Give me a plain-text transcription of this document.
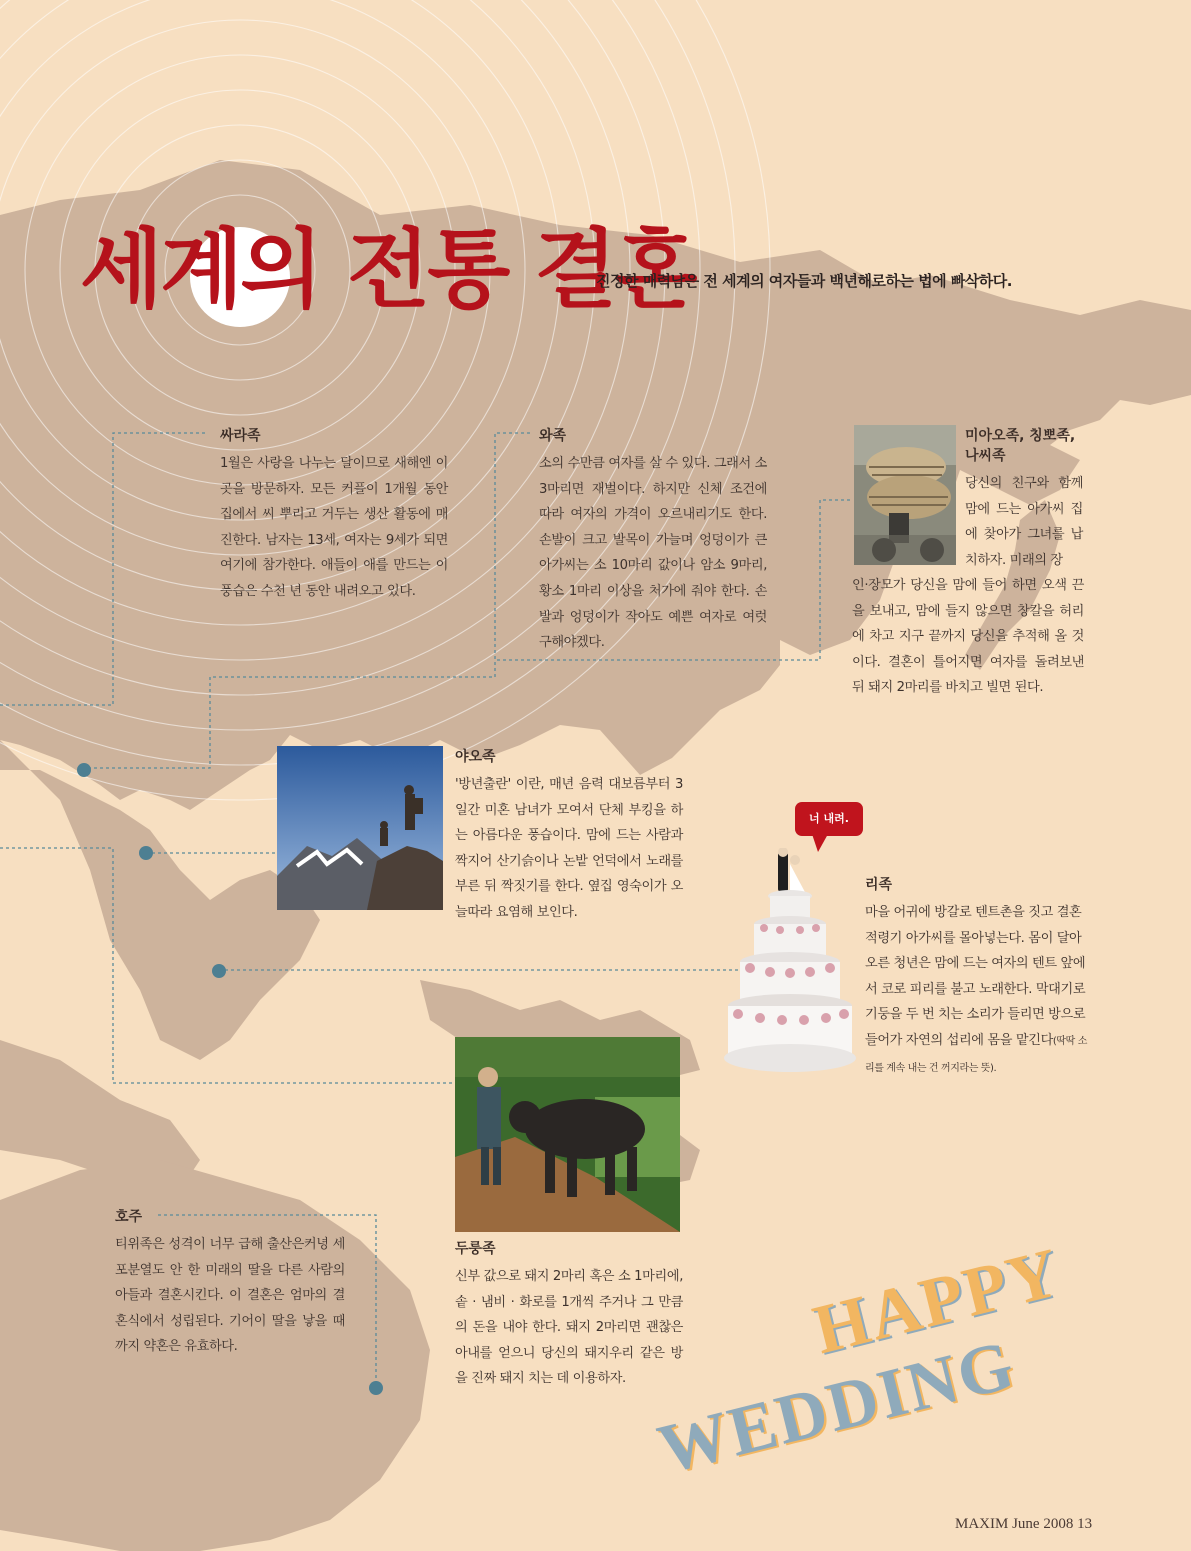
세계의 전통 결혼
진정한 매력남은 전 세계의 여자들과 백년해로하는 법에 빠삭하다.
싸라족
1월은 사랑을 나누는 달이므로 새해엔 이곳을 방문하자. 모든 커플이 1개월 동안 집에서 씨 뿌리고 거두는 생산 활동에 매진한다. 남자는 13세, 여자는 9세가 되면 여기에 참가한다. 애들이 애를 만드는 이 풍습은 수천 년 동안 내려오고 있다.
와족
소의 수만큼 여자를 살 수 있다. 그래서 소 3마리면 재벌이다. 하지만 신체 조건에 따라 여자의 가격이 오르내리기도 한다. 손발이 크고 발목이 가늘며 엉덩이가 큰 아가씨는 소 10마리 값이나 암소 9마리, 황소 1마리 이상을 처가에 줘야 한다. 손발과 엉덩이가 작아도 예쁜 여자로 여럿 구해야겠다.
미아오족, 칭뽀족,
나씨족
당신의 친구와 함께 맘에 드는 아가씨 집에 찾아가 그녀를 납치하자. 미래의 장
인·장모가 당신을 맘에 들어 하면 오색 끈을 보내고, 맘에 들지 않으면 창칼을 허리에 차고 지구 끝까지 당신을 추적해 올 것이다. 결혼이 틀어지면 여자를 돌려보낸 뒤 돼지 2마리를 바치고 빌면 된다.
야오족
'방년출란' 이란, 매년 음력 대보름부터 3일간 미혼 남녀가 모여서 단체 부킹을 하는 아름다운 풍습이다. 맘에 드는 사람과 짝지어 산기슭이나 논밭 언덕에서 노래를 부른 뒤 짝짓기를 한다. 옆집 영숙이가 오늘따라 요염해 보인다.
너 내려.
리족
마을 어귀에 방갈로 텐트촌을 짓고 결혼 적령기 아가씨를 몰아넣는다. 몸이 달아오른 청년은 맘에 드는 여자의 텐트 앞에서 코로 피리를 불고 노래한다. 막대기로 기둥을 두 번 치는 소리가 들리면 방으로 들어가 자연의 섭리에 몸을 맡긴다(딱딱 소리를 계속 내는 건 꺼지라는 뜻).
두룽족
신부 값으로 돼지 2마리 혹은 소 1마리에, 솥 · 냄비 · 화로를 1개씩 주거나 그 만큼의 돈을 내야 한다. 돼지 2마리면 괜찮은 아내를 얻으니 당신의 돼지우리 같은 방을 진짜 돼지 치는 데 이용하자.
호주
티위족은 성격이 너무 급해 출산은커녕 세포분열도 안 한 미래의 딸을 다른 사람의 아들과 결혼시킨다. 이 결혼은 엄마의 결혼식에서 성립된다. 기어이 딸을 낳을 때까지 약혼은 유효하다.	HAPPY
WEDDING
MAXIM June 2008 13
